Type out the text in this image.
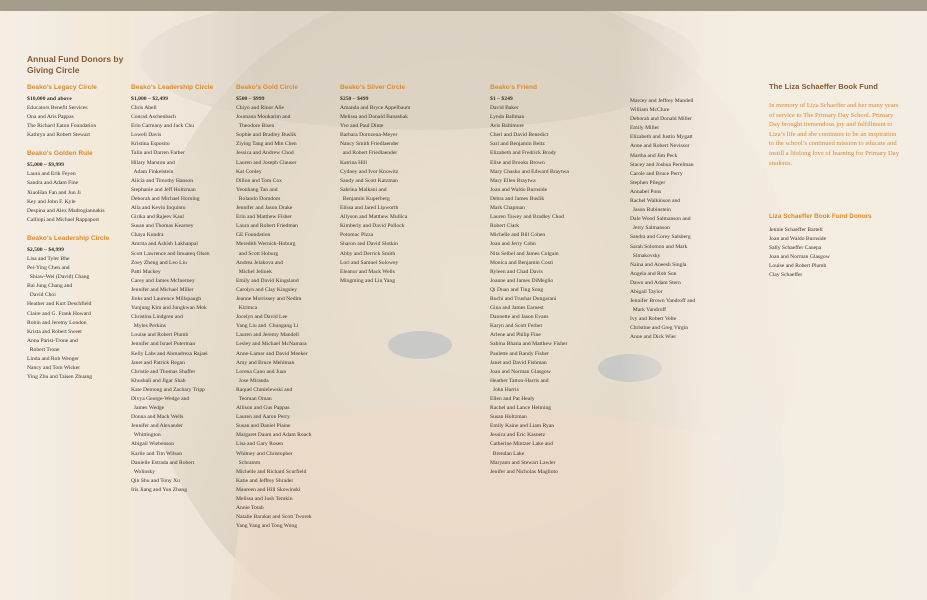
Annual Fund Donors by Giving Circle
Beako’s Legacy Circle
$10,000 and above
Educators Benefit Services
Ona and Aris Pappas
The Richard Eaton Foundation
Kathryn and Robert Stewart
Beako’s Golden Rule
$5,000 – $9,999
Laura and Erik Feyen
Sandra and Adam Fine
XiaoHan Fan and Jun Ji
Key and John F. Kyle
Despina and Alex Madrogiannakis
Calliopi and Michael Rappaport
Beako’s Leadership Circle
$2,500 – $4,999
Lisa and Tyler Bhe
Pei-Ying Chen and
Shiaw-Wei (David) Chang
Bai Jung Chang and
David Choi
Heather and Kurt Deschfield
Claire and G. Frank Howard
Robin and Jeremy London
Krista and Robert Sweet
Anna Parisi-Trone and
Robert Trone
Linda and Rob Wenger
Nancy and Tom Wicker
Ying Zhu and Taisen Zhuang
Beako’s Leadership Circle
$1,000 – $2,499
Chris Abell
Conrad Aschenbach
Erin Carmany and Jack Chu
Lowell Davis
Kristina Esposito
Talin and Darren Farber
Hilary Marston and
Adam Finkelstein
Alicia and Timothy Hanson
Stephanie and Jeff Holtzman
Deborah and Michael Horning
Alla and Kevin Inquinto
Girika and Rajeev Kaul
Susan and Thomas Kearney
Chaya Kundra
Amrita and Ashish Lakhanpal
Scott Lawrence and Imuateq Olsen
Zoey Zheng and Leo Liu
Patti Mackey
Carey and James McInerney
Jennifer and Michael Miller
Jinks and Laurence Millspaugh
Yunjung Kim and Jungkwan Mok
Christina Lindgren and
Myles Perkins
Louise and Robert Plumb
Jennifer and Israel Puterman
Kelly Labs and Ahmadreza Rajaei
Janet and Patrick Regan
Christie and Thomas Shaffer
Khushali and Jigar Shah
Kate Demong and Zachary Tripp
Divya George-Wedge and
James Wedge
Donna and Mack Wells
Jennifer and Alexander
Whittington
Abigail Wiebenson
Karlie and Tim Wilson
Danielle Estrada and Robert
Wolinsky
Qin Shu and Tony Xu
Iris Jiang and Yun Zhang
Beako’s Gold Circle
$500 – $999
Chiyo and Rinor Alie
Joumana Moukarim and
Theodore Bisen
Sophie and Bradley Buslik
Ziying Tang and Min Chen
Jessica and Andrew Chod
Lauren and Joseph Clauser
Kat Conley
Dillon and Tom Cox
Yeonhang Tan and
Rolando Domdom
Jennifer and Jason Drake
Erin and Matthew Fisher
Laura and Robert Friedman
GE Foundation
Meredith Wernick-Hoburg
and Scott Hoburg
Andrea Jelakova and
Michel Jelinek
Emily and David Kingsland
Carolyn and Clay Kingsley
Jeanne Morrissey and Nedim
Kirimca
Jocelyn and David Lee
Yang Liu and  Chungang Li
Lauren and Jeremy Mandell
Lesley and Michael McNamara
Anne-Lamar and David Meeker
Amy and Bruce Mehlman
Lorena Cano and Juan
Jose Miranda
Raquel Chmielewski and
Teoman Oman
Allison and Gus Pappas
Lauren and Aaron Perry
Susan and Daniel Plaine
Margaret Daum and Adam Roach
Lisa and Gary Rosen
Whitney and Christopher
Schramm
Michelle and Richard Scurfield
Katie and Jeffrey Shrader
Maureen and Hill Skowinski
Melissa and Josh Temkin
Annie Totah
Natalie Barakat and Scott Tworek
Yang Yang and Tong Wong
Beako’s Silver Circle
$250 – $499
Amanda and Bryce Appelbaum
Melissa and Donald Banashak
Yve and Paul Dinte
Barbara Dornzena-Meyer
Nancy Smith Friedlaender
and Robert Friedlaender
Katrina Hill
Cydney and Ivor Knowitz
Sandy and Scott Katzman
Sabrina Malkani and
Benjamin Kuperberg
Elissa and Jared Lipworth
Allyson and Matthew Mullica
Kimberly and David Pollock
Potomac Pizza
Sharon and David Slotkin
Abby and Derrick Smith
Lori and Samuel Solowey
Eleanor and Mack Wells
Mingming and Liu Yang
Beako’s Friend
$1 – $249
David Baker
Lynda Ballman
Avis Baltimore
Cheri and David Benedict
Sari and Benjamin Beitz
Elizabeth and Fredrick Brody
Elise and Brooks Brown
Mary Chasko and Edward Braytwa
Mary Ellen Braytwa
Joan and Waldo Burnside
Debra and James Buslik
Mark Chapman
Lauren Tawey and Bradley Chod
Robert Clark
Michelle and Bill Cohen
Joan and Jerry Cohn
Nita Seibel and James Colgain
Monica and Benjamin Costi
Ryleen and Chad Davis
Joanne and James DiMeglio
Qi Duan and Ting Song
Ruchi and Trushar Dungarani
Gina and James Earnest
Dannette and Jason Evans
Karyn and Scott Ferber
Arlene and Philip Fine
Sabina Bhatia and Matthew Fisher
Paulette and Randy Fisher
Janet and David Fishman
Joan and Norman Glasgow
Heather Tatton-Harris and
John Harris
Ellen and Pat Healy
Rachel and Lance Helming
Susan Holtzman
Emily Kaine and Liam Ryan
Jessica and Eric Kasnetz
Catherine Mintzer Lake and
Brendan Lake
Maryann and Stewart Lawler
Jenifer and Nicholas Maglinto
Marcey and Jeffrey Mandell
William McClure
Deborah and Donald Miller
Emily Miller
Elizabeth and Justin Mygatt
Anne and Robert Nevissor
Martha and Jim Peck
Stacey and Joshua Perelman
Carole and Bruce Perry
Stephen Pileger
Annabel Pons
Rachel Walkinson and
Jason Rubinstein
Dale Wood Salmanson and
Jerry Salmanson
Sandra and Corey Salsberg
Sarah Solomon and Mark
Simakovsky
Naina and Aneesh Singla
Angela and Rob Son
Dawn and Adam Stern
Abigail Taylor
Jennifer Brown Vandroff and
Mark Vandroff
Ivy and Robert Velte
Christine and Greg Virgin
Anne and Dick Wier
The Liza Schaeffer Book Fund
In memory of Liza Schaeffer and her many years of service to The Primary Day School. Primary Day brought tremendous joy and fulfillment to Liza’s life and she continues to be an inspiration to the school’s continued mission to educate and instill a lifelong love of learning for Primary Day students.
Liza Schaeffer Book Fund Donors
Jennie Schaeffer Bartell
Joan and Waldo Burnside
Sally Schaeffer Canepa
Joan and Norman Glasgow
Louise and Robert Plumb
Clay Schaeffer
